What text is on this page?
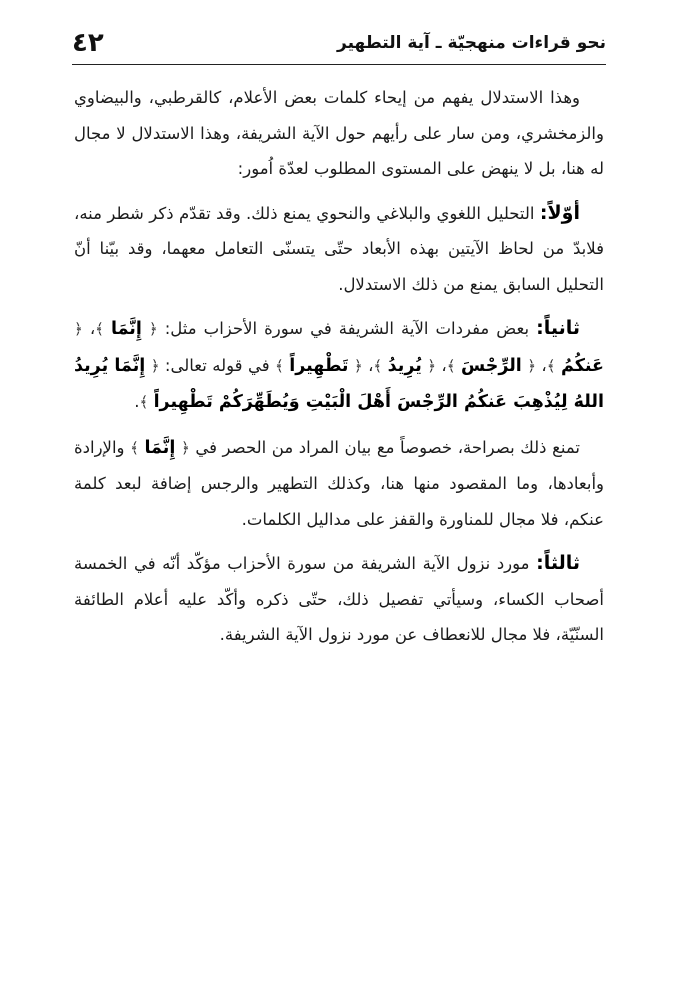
نحو قراءات منهجيّة ـ آية التطهير
٤٢

وهذا الاستدلال يفهم من إيحاء كلمات بعض الأعلام، كالقرطبي، والبيضاوي والزمخشري، ومن سار على رأيهم حول الآية الشريفة، وهذا الاستدلال لا مجال له هنا، بل لا ينهض على المستوى المطلوب لعدّة اُمور:

أوّلاً: التحليل اللغوي والبلاغي والنحوي يمنع ذلك. وقد تقدّم ذكر شطر منه، فلابدّ من لحاظ الآيتين بهذه الأبعاد حتّى يتسنّى التعامل معهما، وقد بيّنا أنّ التحليل السابق يمنع من ذلك الاستدلال.

ثانياً: بعض مفردات الآية الشريفة في سورة الأحزاب مثل: ﴿ إِنَّمَا ﴾، ﴿ عَنكُمُ ﴾، ﴿ الرِّجْسَ ﴾، ﴿ يُرِيدُ ﴾، ﴿ تَطْهِيراً ﴾ في قوله تعالى: ﴿ إِنَّمَا يُرِيدُ اللهُ لِيُذْهِبَ عَنكُمُ الرِّجْسَ أَهْلَ الْبَيْتِ وَيُطَهِّرَكُمْ تَطْهِيراً ﴾.

تمنع ذلك بصراحة، خصوصاً مع بيان المراد من الحصر في ﴿ إِنَّمَا ﴾ والإرادة وأبعادها، وما المقصود منها هنا، وكذلك التطهير والرجس إضافة لبعد كلمة عنكم، فلا مجال للمناورة والقفز على مداليل الكلمات.

ثالثاً: مورد نزول الآية الشريفة من سورة الأحزاب مؤكّد أنّه في الخمسة أصحاب الكساء، وسيأتي تفصيل ذلك، حتّى ذكره وأكّد عليه أعلام الطائفة السنّيّة، فلا مجال للانعطاف عن مورد نزول الآية الشريفة.
